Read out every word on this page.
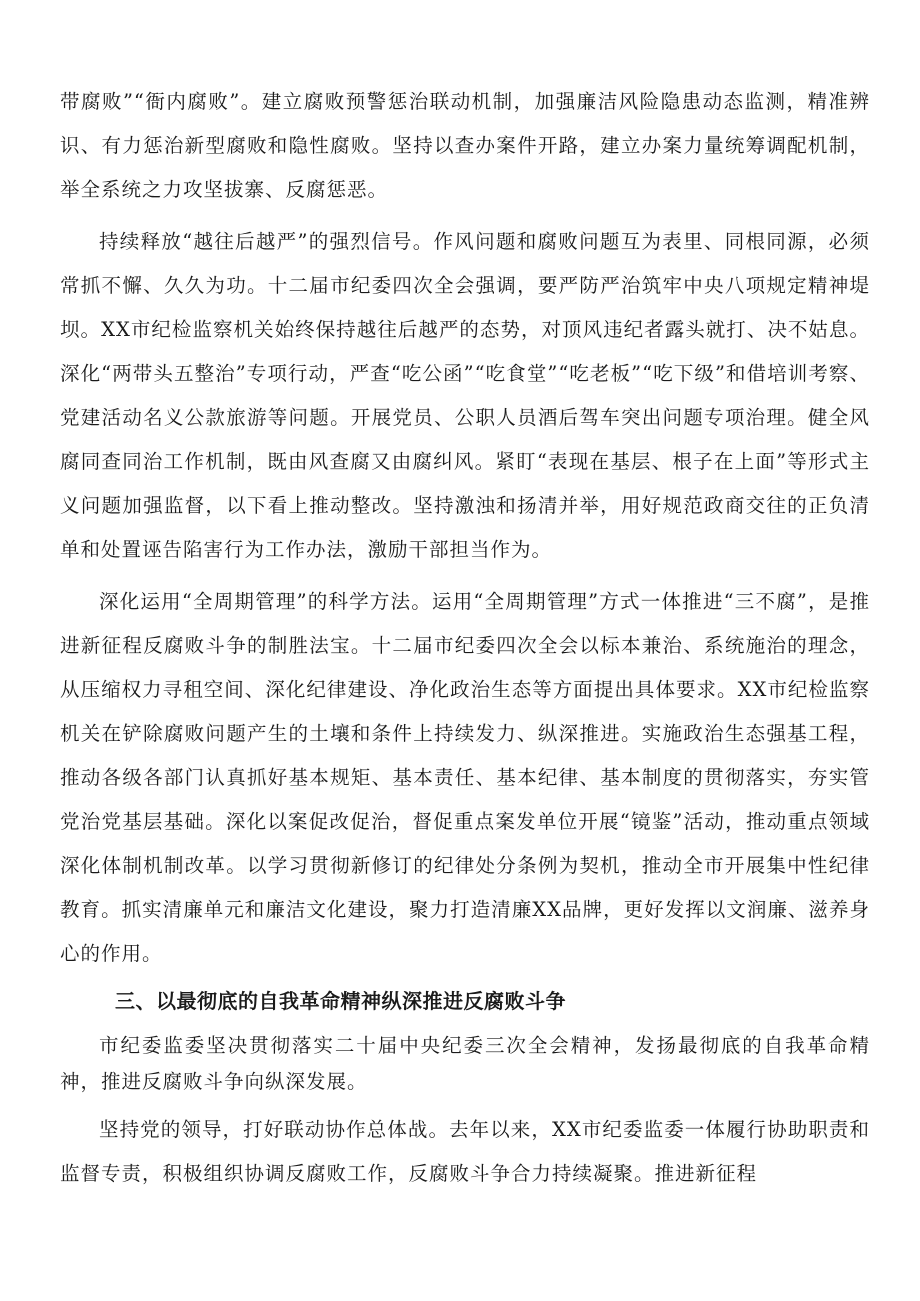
带腐败”“衙内腐败”。建立腐败预警惩治联动机制，加强廉洁风险隐患动态监测，精准辨识、有力惩治新型腐败和隐性腐败。坚持以查办案件开路，建立办案力量统筹调配机制，举全系统之力攻坚拔寨、反腐惩恶。

持续释放“越往后越严”的强烈信号。作风问题和腐败问题互为表里、同根同源，必须常抓不懈、久久为功。十二届市纪委四次全会强调，要严防严治筑牢中央八项规定精神堤坝。XX市纪检监察机关始终保持越往后越严的态势，对顶风违纪者露头就打、决不姑息。深化“两带头五整治”专项行动，严查“吃公函”“吃食堂”“吃老板”“吃下级”和借培训考察、党建活动名义公款旅游等问题。开展党员、公职人员酒后驾车突出问题专项治理。健全风腐同查同治工作机制，既由风查腐又由腐纠风。紧盯“表现在基层、根子在上面”等形式主义问题加强监督，以下看上推动整改。坚持激浊和扬清并举，用好规范政商交往的正负清单和处置诬告陷害行为工作办法，激励干部担当作为。

深化运用“全周期管理”的科学方法。运用“全周期管理”方式一体推进“三不腐”，是推进新征程反腐败斗争的制胜法宝。十二届市纪委四次全会以标本兼治、系统施治的理念，从压缩权力寻租空间、深化纪律建设、净化政治生态等方面提出具体要求。XX市纪检监察机关在铲除腐败问题产生的土壤和条件上持续发力、纵深推进。实施政治生态强基工程，推动各级各部门认真抓好基本规矩、基本责任、基本纪律、基本制度的贯彻落实，夯实管党治党基层基础。深化以案促改促治，督促重点案发单位开展“镜鉴”活动，推动重点领域深化体制机制改革。以学习贯彻新修订的纪律处分条例为契机，推动全市开展集中性纪律教育。抓实清廉单元和廉洁文化建设，聚力打造清廉XX品牌，更好发挥以文润廉、滋养身心的作用。

三、以最彻底的自我革命精神纵深推进反腐败斗争

市纪委监委坚决贯彻落实二十届中央纪委三次全会精神，发扬最彻底的自我革命精神，推进反腐败斗争向纵深发展。

坚持党的领导，打好联动协作总体战。去年以来，XX市纪委监委一体履行协助职责和监督专责，积极组织协调反腐败工作，反腐败斗争合力持续凝聚。推进新征程
